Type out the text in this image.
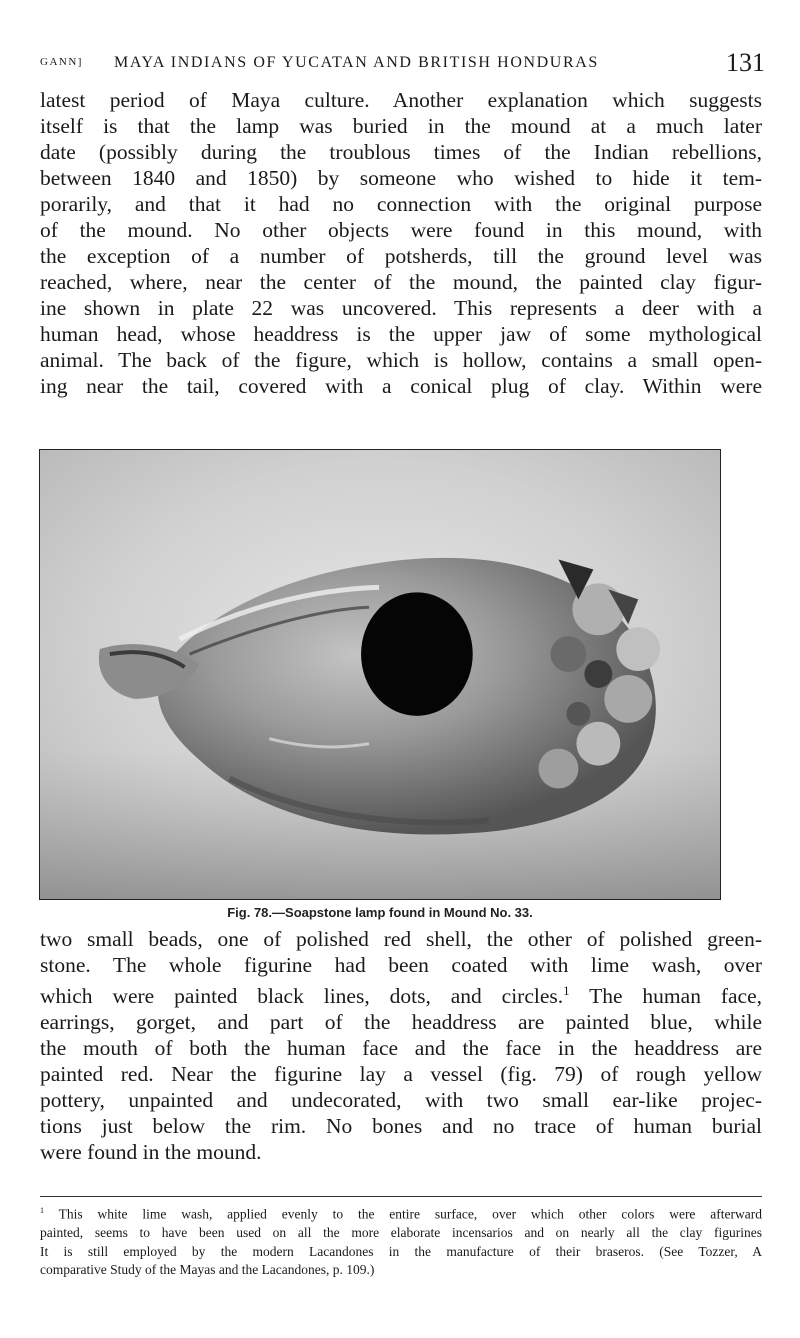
GANN] MAYA INDIANS OF YUCATAN AND BRITISH HONDURAS	131

latest period of Maya culture. Another explanation which suggests
itself is that the lamp was buried in the mound at a much later
date (possibly during the troublous times of the Indian rebellions,
between 1840 and 1850) by someone who wished to hide it tem-
porarily, and that it had no connection with the original purpose
of the mound. No other objects were found in this mound, with
the exception of a number of potsherds, till the ground level was
reached, where, near the center of the mound, the painted clay figur-
ine shown in plate 22 was uncovered. This represents a deer with a
human head, whose headdress is the upper jaw of some mythological
animal. The back of the figure, which is hollow, contains a small open-
ing near the tail, covered with a conical plug of clay. Within were

Fig. 78.—Soapstone lamp found in Mound No. 33.

two small beads, one of polished red shell, the other of polished green-
stone. The whole figurine had been coated with lime wash, over
which were painted black lines, dots, and circles.$^1$ The human face,
earrings, gorget, and part of the headdress are painted blue, while
the mouth of both the human face and the face in the headdress are
painted red. Near the figurine lay a vessel (fig. 79) of rough yellow
pottery, unpainted and undecorated, with two small ear-like projec-
tions just below the rim. No bones and no trace of human burial
were found in the mound.

$^1$ This white lime wash, applied evenly to the entire surface, over which other colors were afterward
painted, seems to have been used on all the more elaborate incensarios and on nearly all the clay figurines
It is still employed by the modern Lacandones in the manufacture of their braseros. (See Tozzer, A
comparative Study of the Mayas and the Lacandones, p. 109.)
